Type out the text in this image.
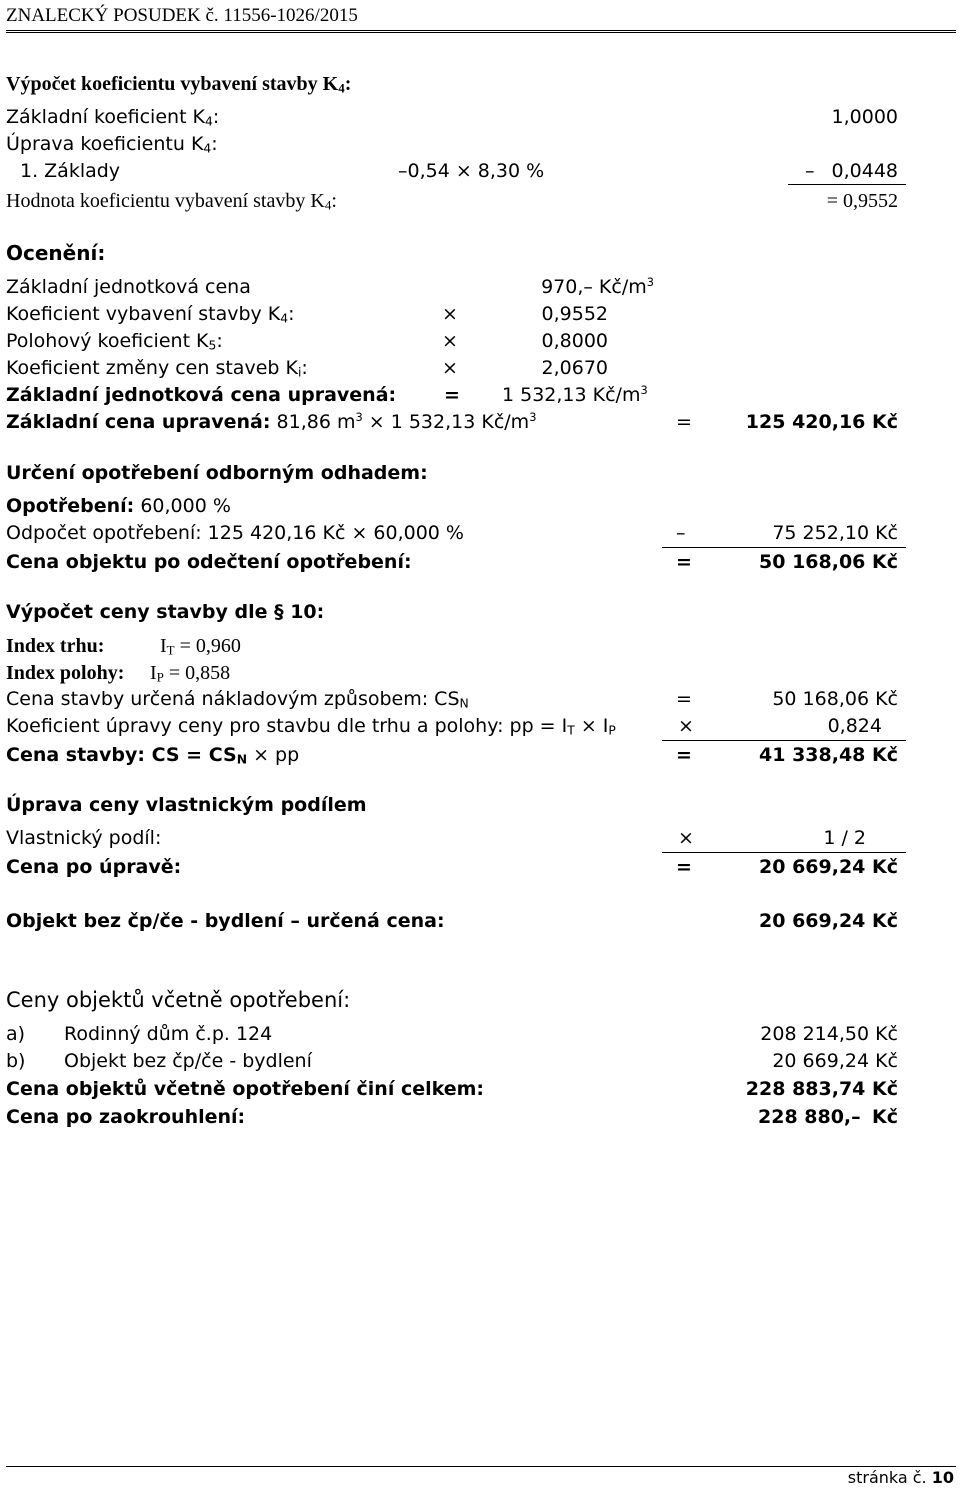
ZNALECKÝ POSUDEK č. 11556-1026/2015
Výpočet koeficientu vybavení stavby $K_4$:
Základní koeficient $K_4$:	1,0000
Úprava koeficientu $K_4$:
1. Základy	–0,54 × 8,30 %	– 0,0448
Hodnota koeficientu vybavení stavby $K_4$:	= 0,9552
Ocenění:
Základní jednotková cena	970,– $Kč/m^3$
Koeficient vybavení stavby $K_4$:	×	0,9552
Polohový koeficient $K_5$:	×	0,8000
Koeficient změny cen staveb $K_i$:	×	2,0670
Základní jednotková cena upravená:	= 1 532,13 $Kč/m^3$
Základní cena upravená: 81,86 $m^3 \times 1$ 532,13 $Kč/m^3$	=	125 420,16 Kč
Určení opotřebení odborným odhadem:
Opotřebení: 60,000 %
Odpočet opotřebení: 125 420,16 Kč × 60,000 %	–	75 252,10 Kč
Cena objektu po odečtení opotřebení:	=	50 168,06 Kč
Výpočet ceny stavby dle § 10:
Index trhu:	$I_T = 0,960$
Index polohy: $I_P = 0,858$
Cena stavby určená nákladovým způsobem: $CS_N$	=	50 168,06 Kč
Koeficient úpravy ceny pro stavbu dle trhu a polohy: pp = $I_T \times I_P$	×	0,824
Cena stavby: CS = $CS_N$ × pp	=	41 338,48 Kč
Úprava ceny vlastnickým podílem
Vlastnický podíl:	×	1 / 2
Cena po úpravě:	=	20 669,24 Kč
Objekt bez čp/če - bydlení – určená cena:	20 669,24 Kč
Ceny objektů včetně opotřebení:
a) Rodinný dům č.p. 124	208 214,50 Kč
b) Objekt bez čp/če - bydlení	20 669,24 Kč
Cena objektů včetně opotřebení činí celkem:	228 883,74 Kč
Cena po zaokrouhlení:	228 880,– Kč
stránka č. 10
